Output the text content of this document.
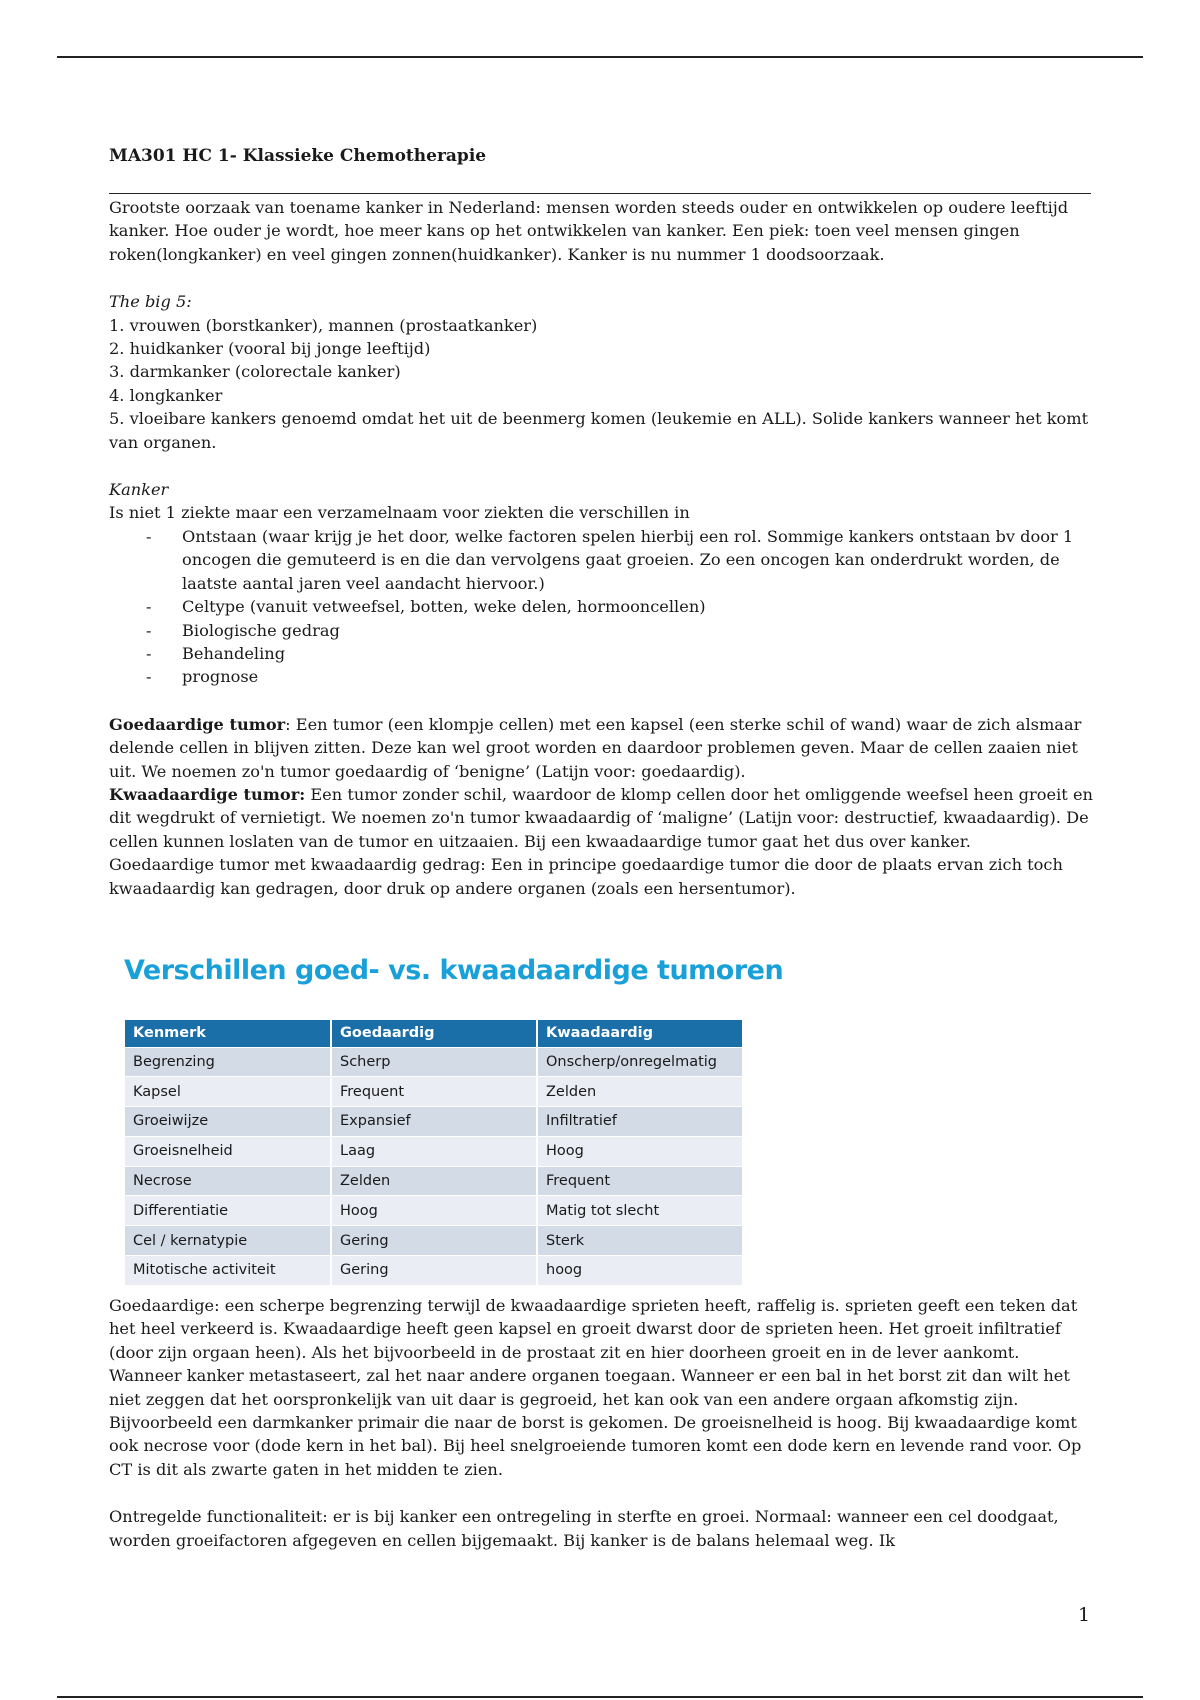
MA301 HC 1- Klassieke Chemotherapie

Grootste oorzaak van toename kanker in Nederland: mensen worden steeds ouder en ontwikkelen op oudere leeftijd kanker. Hoe ouder je wordt, hoe meer kans op het ontwikkelen van kanker. Een piek: toen veel mensen gingen roken(longkanker) en veel gingen zonnen(huidkanker). Kanker is nu nummer 1 doodsoorzaak.

The big 5:

1. vrouwen (borstkanker), mannen (prostaatkanker)

2. huidkanker (vooral bij jonge leeftijd)

3. darmkanker (colorectale kanker)

4. longkanker

5. vloeibare kankers genoemd omdat het uit de beenmerg komen (leukemie en ALL). Solide kankers wanneer het komt van organen.

Kanker

Is niet 1 ziekte maar een verzamelnaam voor ziekten die verschillen in

- Ontstaan (waar krijg je het door, welke factoren spelen hierbij een rol. Sommige kankers ontstaan bv door 1 oncogen die gemuteerd is en die dan vervolgens gaat groeien. Zo een oncogen kan onderdrukt worden, de laatste aantal jaren veel aandacht hiervoor.)
- Celtype (vanuit vetweefsel, botten, weke delen, hormooncellen)
- Biologische gedrag
- Behandeling
- prognose

Goedaardige tumor: Een tumor (een klompje cellen) met een kapsel (een sterke schil of wand) waar de zich alsmaar delende cellen in blijven zitten. Deze kan wel groot worden en daardoor problemen geven. Maar de cellen zaaien niet uit. We noemen zo'n tumor goedaardig of ‘benigne’ (Latijn voor: goedaardig).

Kwaadaardige tumor: Een tumor zonder schil, waardoor de klomp cellen door het omliggende weefsel heen groeit en dit wegdrukt of vernietigt. We noemen zo'n tumor kwaadaardig of ‘maligne’ (Latijn voor: destructief, kwaadaardig). De cellen kunnen loslaten van de tumor en uitzaaien. Bij een kwaadaardige tumor gaat het dus over kanker.

Goedaardige tumor met kwaadaardig gedrag: Een in principe goedaardige tumor die door de plaats ervan zich toch kwaadaardig kan gedragen, door druk op andere organen (zoals een hersentumor).

Verschillen goed- vs. kwaadaardige tumoren
Kenmerk	Goedaardig	Kwaadaardig
Begrenzing	Scherp	Onscherp/onregelmatig
Kapsel	Frequent	Zelden
Groeiwijze	Expansief	Infiltratief
Groeisnelheid	Laag	Hoog
Necrose	Zelden	Frequent
Differentiatie	Hoog	Matig tot slecht
Cel / kernatypie	Gering	Sterk
Mitotische activiteit	Gering	hoog

Goedaardige: een scherpe begrenzing terwijl de kwaadaardige sprieten heeft, raffelig is. sprieten geeft een teken dat het heel verkeerd is. Kwaadaardige heeft geen kapsel en groeit dwarst door de sprieten heen. Het groeit infiltratief (door zijn orgaan heen). Als het bijvoorbeeld in de prostaat zit en hier doorheen groeit en in de lever aankomt. Wanneer kanker metastaseert, zal het naar andere organen toegaan. Wanneer er een bal in het borst zit dan wilt het niet zeggen dat het oorspronkelijk van uit daar is gegroeid, het kan ook van een andere orgaan afkomstig zijn. Bijvoorbeeld een darmkanker primair die naar de borst is gekomen. De groeisnelheid is hoog. Bij kwaadaardige komt ook necrose voor (dode kern in het bal). Bij heel snelgroeiende tumoren komt een dode kern en levende rand voor. Op CT is dit als zwarte gaten in het midden te zien.

Ontregelde functionaliteit: er is bij kanker een ontregeling in sterfte en groei. Normaal: wanneer een cel doodgaat, worden groeifactoren afgegeven en cellen bijgemaakt. Bij kanker is de balans helemaal weg. Ik

1
